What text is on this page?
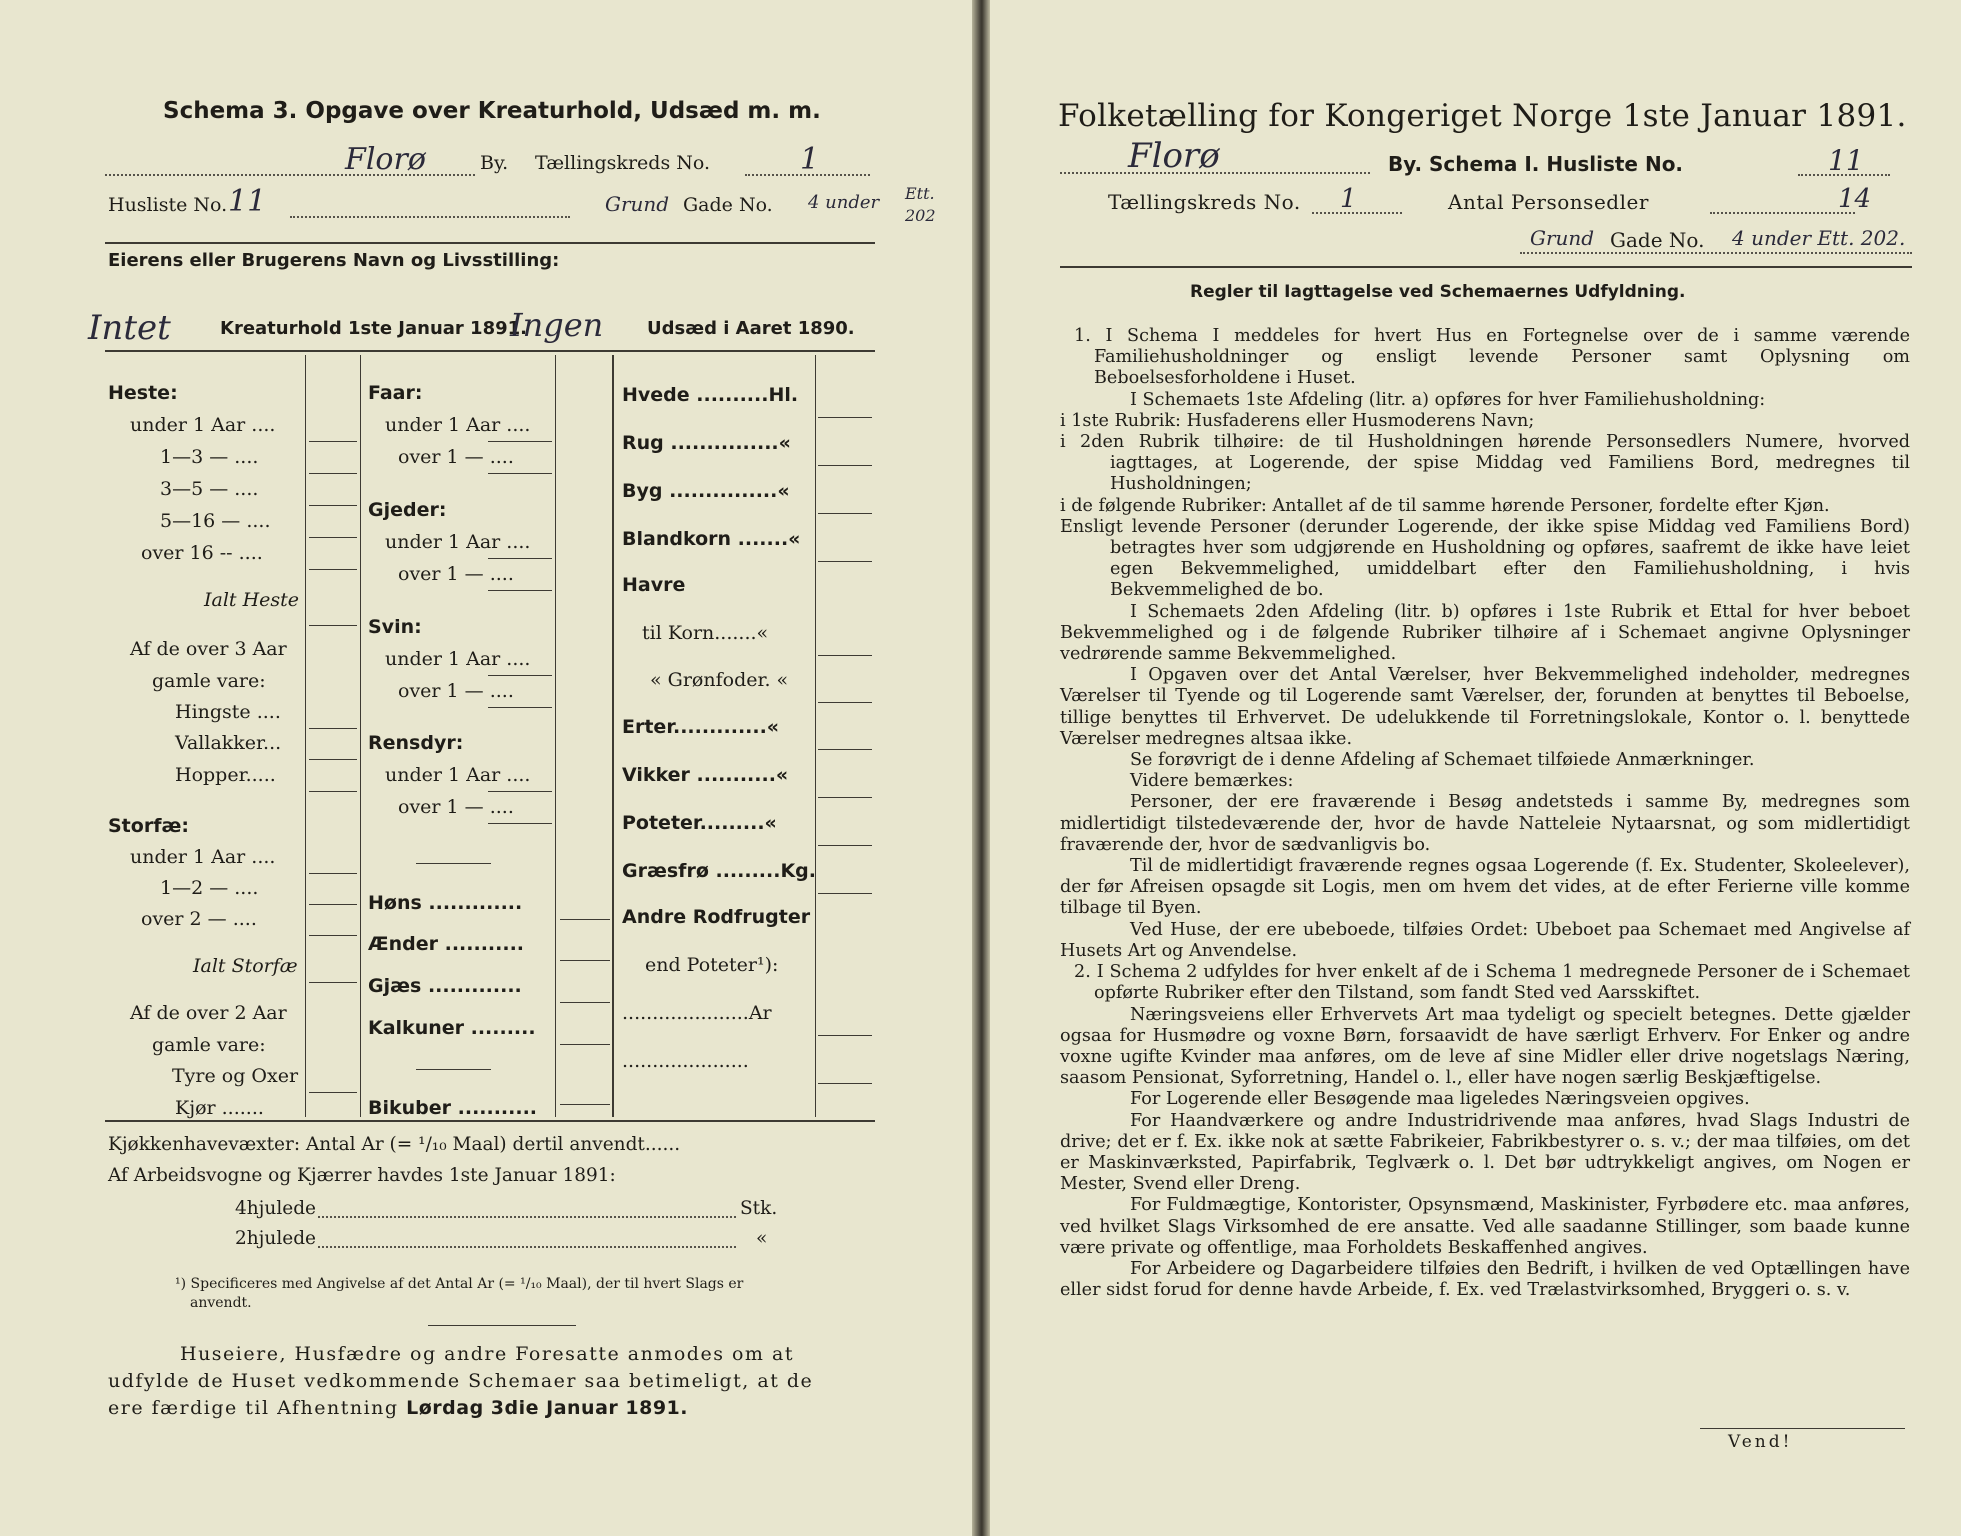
Schema 3. Opgave over Kreaturhold, Udsæd m. m.
Florø	By. Tællingskreds No.	1
Husliste No. 11	Grund Gade No. 4 under Ett.
202
Eierens eller Brugerens Navn og Livsstilling:
Intet	Kreaturhold 1ste Januar 1891.
Ingen Udsæd i Aaret 1890.
Heste:
under 1 Aar ....
1—3 — ....
3—5 — ....
5—16 — ....
over 16 -- ....
Ialt Heste
Af de over 3 Aar
gamle vare:
Hingste ....
Vallakker...
Hopper.....
Storfæ:
under 1 Aar ....
1—2 — ....
over 2 — ....
Ialt Storfæ
Af de over 2 Aar
gamle vare:
Tyre og Oxer
Kjør .......
Faar:
under 1 Aar ....
over 1 — ....
Gjeder:
under 1 Aar ....
over 1 — ....
Svin:
under 1 Aar ....
over 1 — ....
Rensdyr:
under 1 Aar ....
over 1 — ....
Høns .............
Ænder ...........
Gjæs .............
Kalkuner .........
Bikuber ...........
Hvede ..........Hl.
Rug ...............«
Byg ...............«
Blandkorn .......«
Havre
til Korn.......«
« Grønfoder. «
Erter.............«
Vikker ...........«
Poteter.........«
Græsfrø .........Kg.
Andre Rodfrugter
end Poteter¹):
.....................Ar
.....................
Kjøkkenhavevæxter: Antal Ar (= ¹/₁₀ Maal) dertil anvendt......
Af Arbeidsvogne og Kjærrer havdes 1ste Januar 1891:
4hjulede	Stk.
2hjulede	«
¹) Specificeres med Angivelse af det Antal Ar (= ¹/₁₀ Maal), der til hvert Slags er
anvendt.
Huseiere, Husfædre og andre Foresatte anmodes om at
udfylde de Huset vedkommende Schemaer saa betimeligt, at de
ere færdige til Afhentning Lørdag 3die Januar 1891.
Folketælling for Kongeriget Norge 1ste Januar 1891.
Florø	By. Schema I. Husliste No.	11
Tællingskreds No. 1	Antal Personsedler	14
Grund Gade No. 4 under Ett. 202.
Regler til Iagttagelse ved Schemaernes Udfyldning.

1. I Schema I meddeles for hvert Hus en Fortegnelse over de i samme værende Familiehusholdninger og ensligt levende Personer samt Oplysning om Beboelsesforholdene i Huset.

I Schemaets 1ste Afdeling (litr. a) opføres for hver Familiehusholdning:

i 1ste Rubrik: Husfaderens eller Husmoderens Navn;

i 2den Rubrik tilhøire: de til Husholdningen hørende Personsedlers Numere, hvorved iagttages, at Logerende, der spise Middag ved Familiens Bord, medregnes til Husholdningen;

i de følgende Rubriker: Antallet af de til samme hørende Personer, fordelte efter Kjøn.

Ensligt levende Personer (derunder Logerende, der ikke spise Middag ved Familiens Bord) betragtes hver som udgjørende en Husholdning og opføres, saafremt de ikke have leiet egen Bekvemmelighed, umiddelbart efter den Familiehusholdning, i hvis Bekvemmelighed de bo.

I Schemaets 2den Afdeling (litr. b) opføres i 1ste Rubrik et Ettal for hver beboet Bekvemmelighed og i de følgende Rubriker tilhøire af i Schemaet angivne Oplysninger vedrørende samme Bekvemmelighed.

I Opgaven over det Antal Værelser, hver Bekvemmelighed indeholder, medregnes Værelser til Tyende og til Logerende samt Værelser, der, forunden at benyttes til Beboelse, tillige benyttes til Erhvervet. De udelukkende til Forretningslokale, Kontor o. l. benyttede Værelser medregnes altsaa ikke.

Se forøvrigt de i denne Afdeling af Schemaet tilføiede Anmærkninger.

Videre bemærkes:

Personer, der ere fraværende i Besøg andetsteds i samme By, medregnes som midlertidigt tilstedeværende der, hvor de havde Natteleie Nytaarsnat, og som midlertidigt fraværende der, hvor de sædvanligvis bo.

Til de midlertidigt fraværende regnes ogsaa Logerende (f. Ex. Studenter, Skoleelever), der før Afreisen opsagde sit Logis, men om hvem det vides, at de efter Ferierne ville komme tilbage til Byen.

Ved Huse, der ere ubeboede, tilføies Ordet: Ubeboet paa Schemaet med Angivelse af Husets Art og Anvendelse.

2. I Schema 2 udfyldes for hver enkelt af de i Schema 1 medregnede Personer de i Schemaet opførte Rubriker efter den Tilstand, som fandt Sted ved Aarsskiftet.

Næringsveiens eller Erhvervets Art maa tydeligt og specielt betegnes. Dette gjælder ogsaa for Husmødre og voxne Børn, forsaavidt de have særligt Erhverv. For Enker og andre voxne ugifte Kvinder maa anføres, om de leve af sine Midler eller drive nogetslags Næring, saasom Pensionat, Syforretning, Handel o. l., eller have nogen særlig Beskjæftigelse.

For Logerende eller Besøgende maa ligeledes Næringsveien opgives.

For Haandværkere og andre Industridrivende maa anføres, hvad Slags Industri de drive; det er f. Ex. ikke nok at sætte Fabrikeier, Fabrikbestyrer o. s. v.; der maa tilføies, om det er Maskinværksted, Papirfabrik, Teglværk o. l. Det bør udtrykkeligt angives, om Nogen er Mester, Svend eller Dreng.

For Fuldmægtige, Kontorister, Opsynsmænd, Maskinister, Fyrbødere etc. maa anføres, ved hvilket Slags Virksomhed de ere ansatte. Ved alle saadanne Stillinger, som baade kunne være private og offentlige, maa Forholdets Beskaffenhed angives.

For Arbeidere og Dagarbeidere tilføies den Bedrift, i hvilken de ved Optællingen have eller sidst forud for denne havde Arbeide, f. Ex. ved Trælastvirksomhed, Bryggeri o. s. v.

Vend!
